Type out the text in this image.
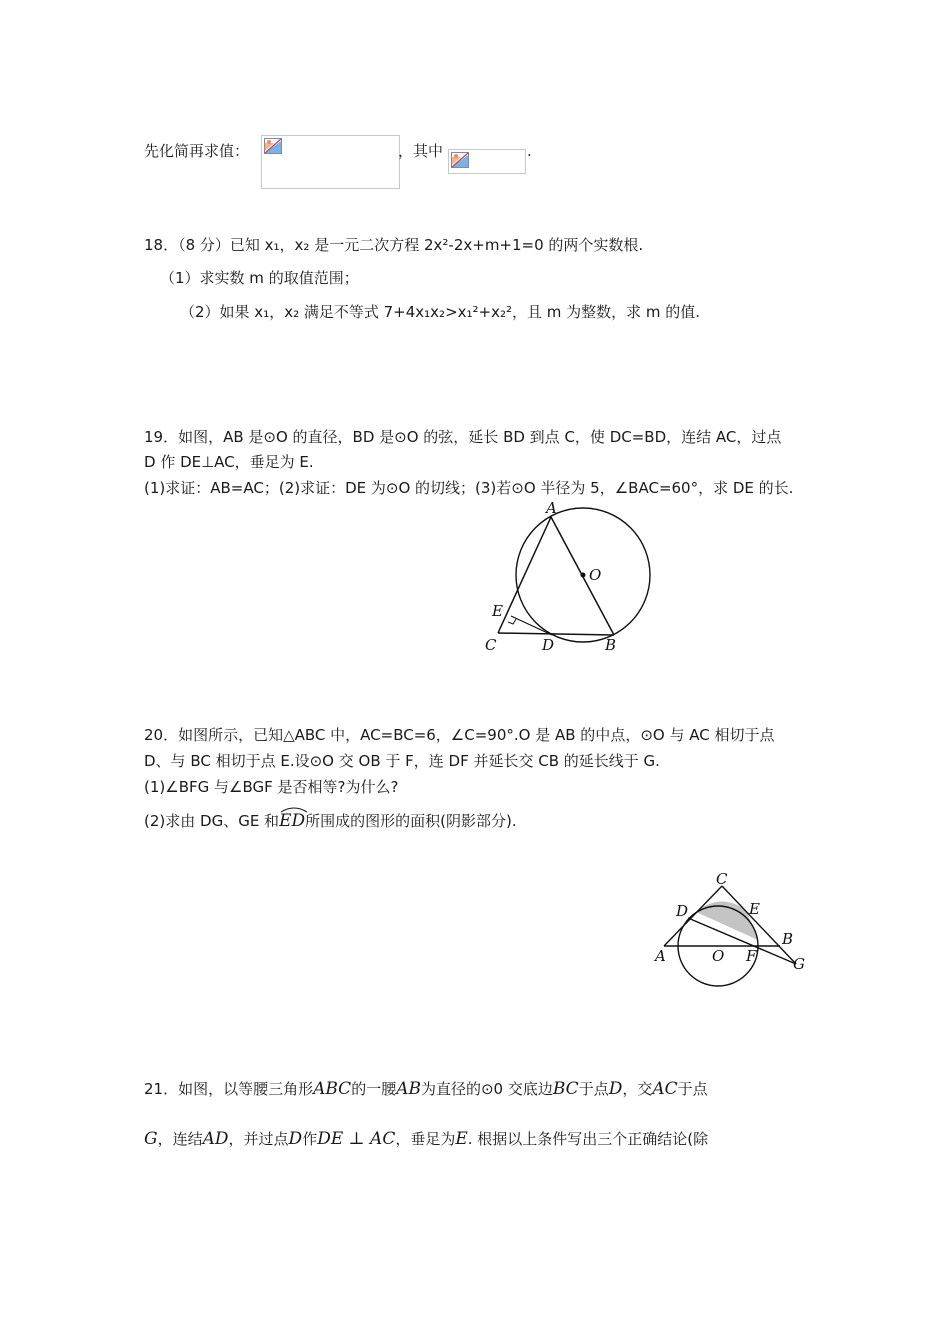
先化简再求值：	，其中	.
18．（8 分）已知 x₁，x₂ 是一元二次方程 2x²-2x+m+1=0 的两个实数根.
（1）求实数 m 的取值范围；
（2）如果 x₁，x₂ 满足不等式 7+4x₁x₂>x₁²+x₂²，且 m 为整数，求 m 的值.
19．如图，AB 是⊙O 的直径，BD 是⊙O 的弦，延长 BD 到点 C，使 DC=BD，连结 AC，过点
D 作 DE⊥AC，垂足为 E.
(1)求证：AB=AC；(2)求证：DE 为⊙O 的切线；(3)若⊙O 半径为 5，∠BAC=60°，求 DE 的长.
A
O
E
C	D	B
20．如图所示，已知△ABC 中，AC=BC=6，∠C=90°.O 是 AB 的中点，⊙O 与 AC 相切于点
D、与 BC 相切于点 E.设⊙O 交 OB 于 F，连 DF 并延长交 CB 的延长线于 G.
(1)∠BFG 与∠BGF 是否相等?为什么?
(2)求由 DG、GE 和
ED所围成的图形的面积(阴影部分).
C
D	E
B
A	O F G
21．如图，以等腰三角形ABC的一腰AB为直径的⊙0 交底边BC于点D，交AC于点
G，连结AD，并过点D作DE ⊥ AC，垂足为E. 根据以上条件写出三个正确结论(除
